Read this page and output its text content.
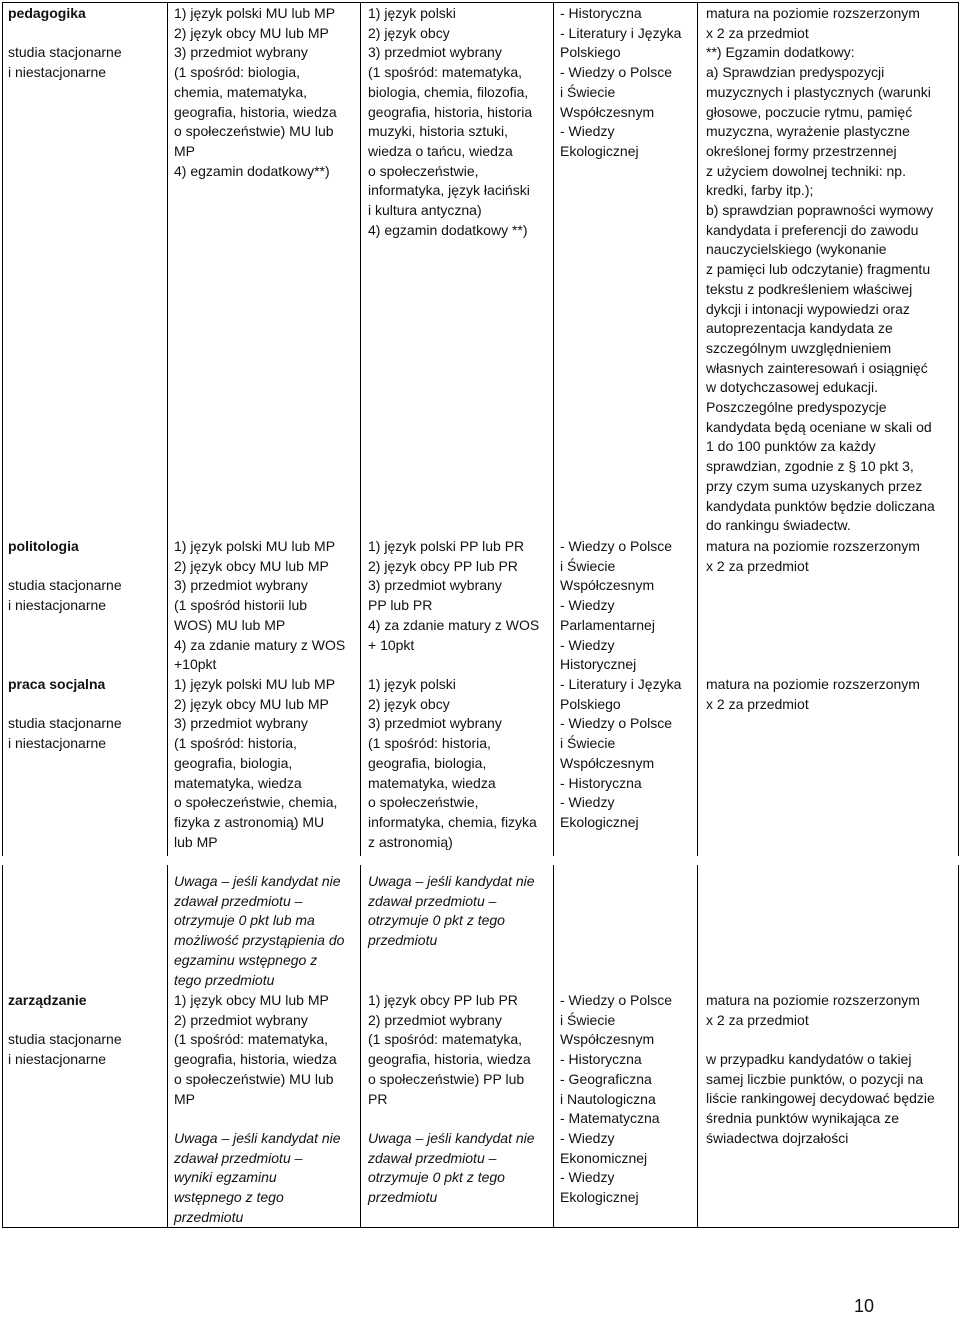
pedagogika
studia stacjonarne
i niestacjonarne
1) język polski MU lub MP
2) język obcy MU lub MP
3) przedmiot wybrany
(1 spośród: biologia,
chemia, matematyka,
geografia, historia, wiedza
o społeczeństwie) MU lub
MP
4) egzamin dodatkowy**)
1) język polski
2) język obcy
3) przedmiot wybrany
(1 spośród: matematyka,
biologia, chemia, filozofia,
geografia, historia, historia
muzyki, historia sztuki,
wiedza o tańcu, wiedza
o społeczeństwie,
informatyka, język łaciński
i kultura antyczna)
4) egzamin dodatkowy **)
- Historyczna
- Literatury i Języka
Polskiego
- Wiedzy o Polsce
i Świecie
Współczesnym
- Wiedzy
Ekologicznej
matura na poziomie rozszerzonym
x 2 za przedmiot
**) Egzamin dodatkowy:
a) Sprawdzian predyspozycji
muzycznych i plastycznych (warunki
głosowe, poczucie rytmu, pamięć
muzyczna, wyrażenie plastyczne
określonej formy przestrzennej
z użyciem dowolnej techniki: np.
kredki, farby itp.);
b) sprawdzian poprawności wymowy
kandydata i preferencji do zawodu
nauczycielskiego (wykonanie
z pamięci lub odczytanie) fragmentu
tekstu z podkreśleniem właściwej
dykcji i intonacji wypowiedzi oraz
autoprezentacja kandydata ze
szczególnym uwzględnieniem
własnych zainteresowań i osiągnięć
w dotychczasowej edukacji.
Poszczególne predyspozycje
kandydata będą oceniane w skali od
1 do 100 punktów za każdy
sprawdzian, zgodnie z § 10 pkt 3,
przy czym suma uzyskanych przez
kandydata punktów będzie doliczana
do rankingu świadectw.
politologia
studia stacjonarne
i niestacjonarne
1) język polski MU lub MP
2) język obcy MU lub MP
3) przedmiot wybrany
(1 spośród historii lub
WOS) MU lub MP
4) za zdanie matury z WOS
+10pkt
1) język polski PP lub PR
2) język obcy PP lub PR
3) przedmiot wybrany
PP lub PR
4) za zdanie matury z WOS
+ 10pkt
- Wiedzy o Polsce
i Świecie
Współczesnym
- Wiedzy
Parlamentarnej
- Wiedzy
Historycznej
matura na poziomie rozszerzonym
x 2 za przedmiot
praca socjalna
studia stacjonarne
i niestacjonarne
1) język polski MU lub MP
2) język obcy MU lub MP
3) przedmiot wybrany
(1 spośród: historia,
geografia, biologia,
matematyka, wiedza
o społeczeństwie, chemia,
fizyka z astronomią) MU
lub MP
1) język polski
2) język obcy
3) przedmiot wybrany
(1 spośród: historia,
geografia, biologia,
matematyka, wiedza
o społeczeństwie,
informatyka, chemia, fizyka
z astronomią)
- Literatury i Języka
Polskiego
- Wiedzy o Polsce
i Świecie
Współczesnym
- Historyczna
- Wiedzy
Ekologicznej
matura na poziomie rozszerzonym
x 2 za przedmiot
Uwaga – jeśli kandydat nie
zdawał przedmiotu –
otrzymuje 0 pkt lub ma
możliwość przystąpienia do
egzaminu wstępnego z
tego przedmiotu
Uwaga – jeśli kandydat nie
zdawał przedmiotu –
otrzymuje 0 pkt z tego
przedmiotu
zarządzanie
studia stacjonarne
i niestacjonarne
1) język obcy MU lub MP
2) przedmiot wybrany
(1 spośród: matematyka,
geografia, historia, wiedza
o społeczeństwie) MU lub
MP
Uwaga – jeśli kandydat nie
zdawał przedmiotu –
wyniki egzaminu
wstępnego z tego
przedmiotu
1) język obcy PP lub PR
2) przedmiot wybrany
(1 spośród: matematyka,
geografia, historia, wiedza
o społeczeństwie) PP lub
PR
Uwaga – jeśli kandydat nie
zdawał przedmiotu –
otrzymuje 0 pkt z tego
przedmiotu
- Wiedzy o Polsce
i Świecie
Współczesnym
- Historyczna
- Geograficzna
i Nautologiczna
- Matematyczna
- Wiedzy
Ekonomicznej
- Wiedzy
Ekologicznej
matura na poziomie rozszerzonym
x 2 za przedmiot
w przypadku kandydatów o takiej
samej liczbie punktów, o pozycji na
liście rankingowej decydować będzie
średnia punktów wynikająca ze
świadectwa dojrzałości
10
